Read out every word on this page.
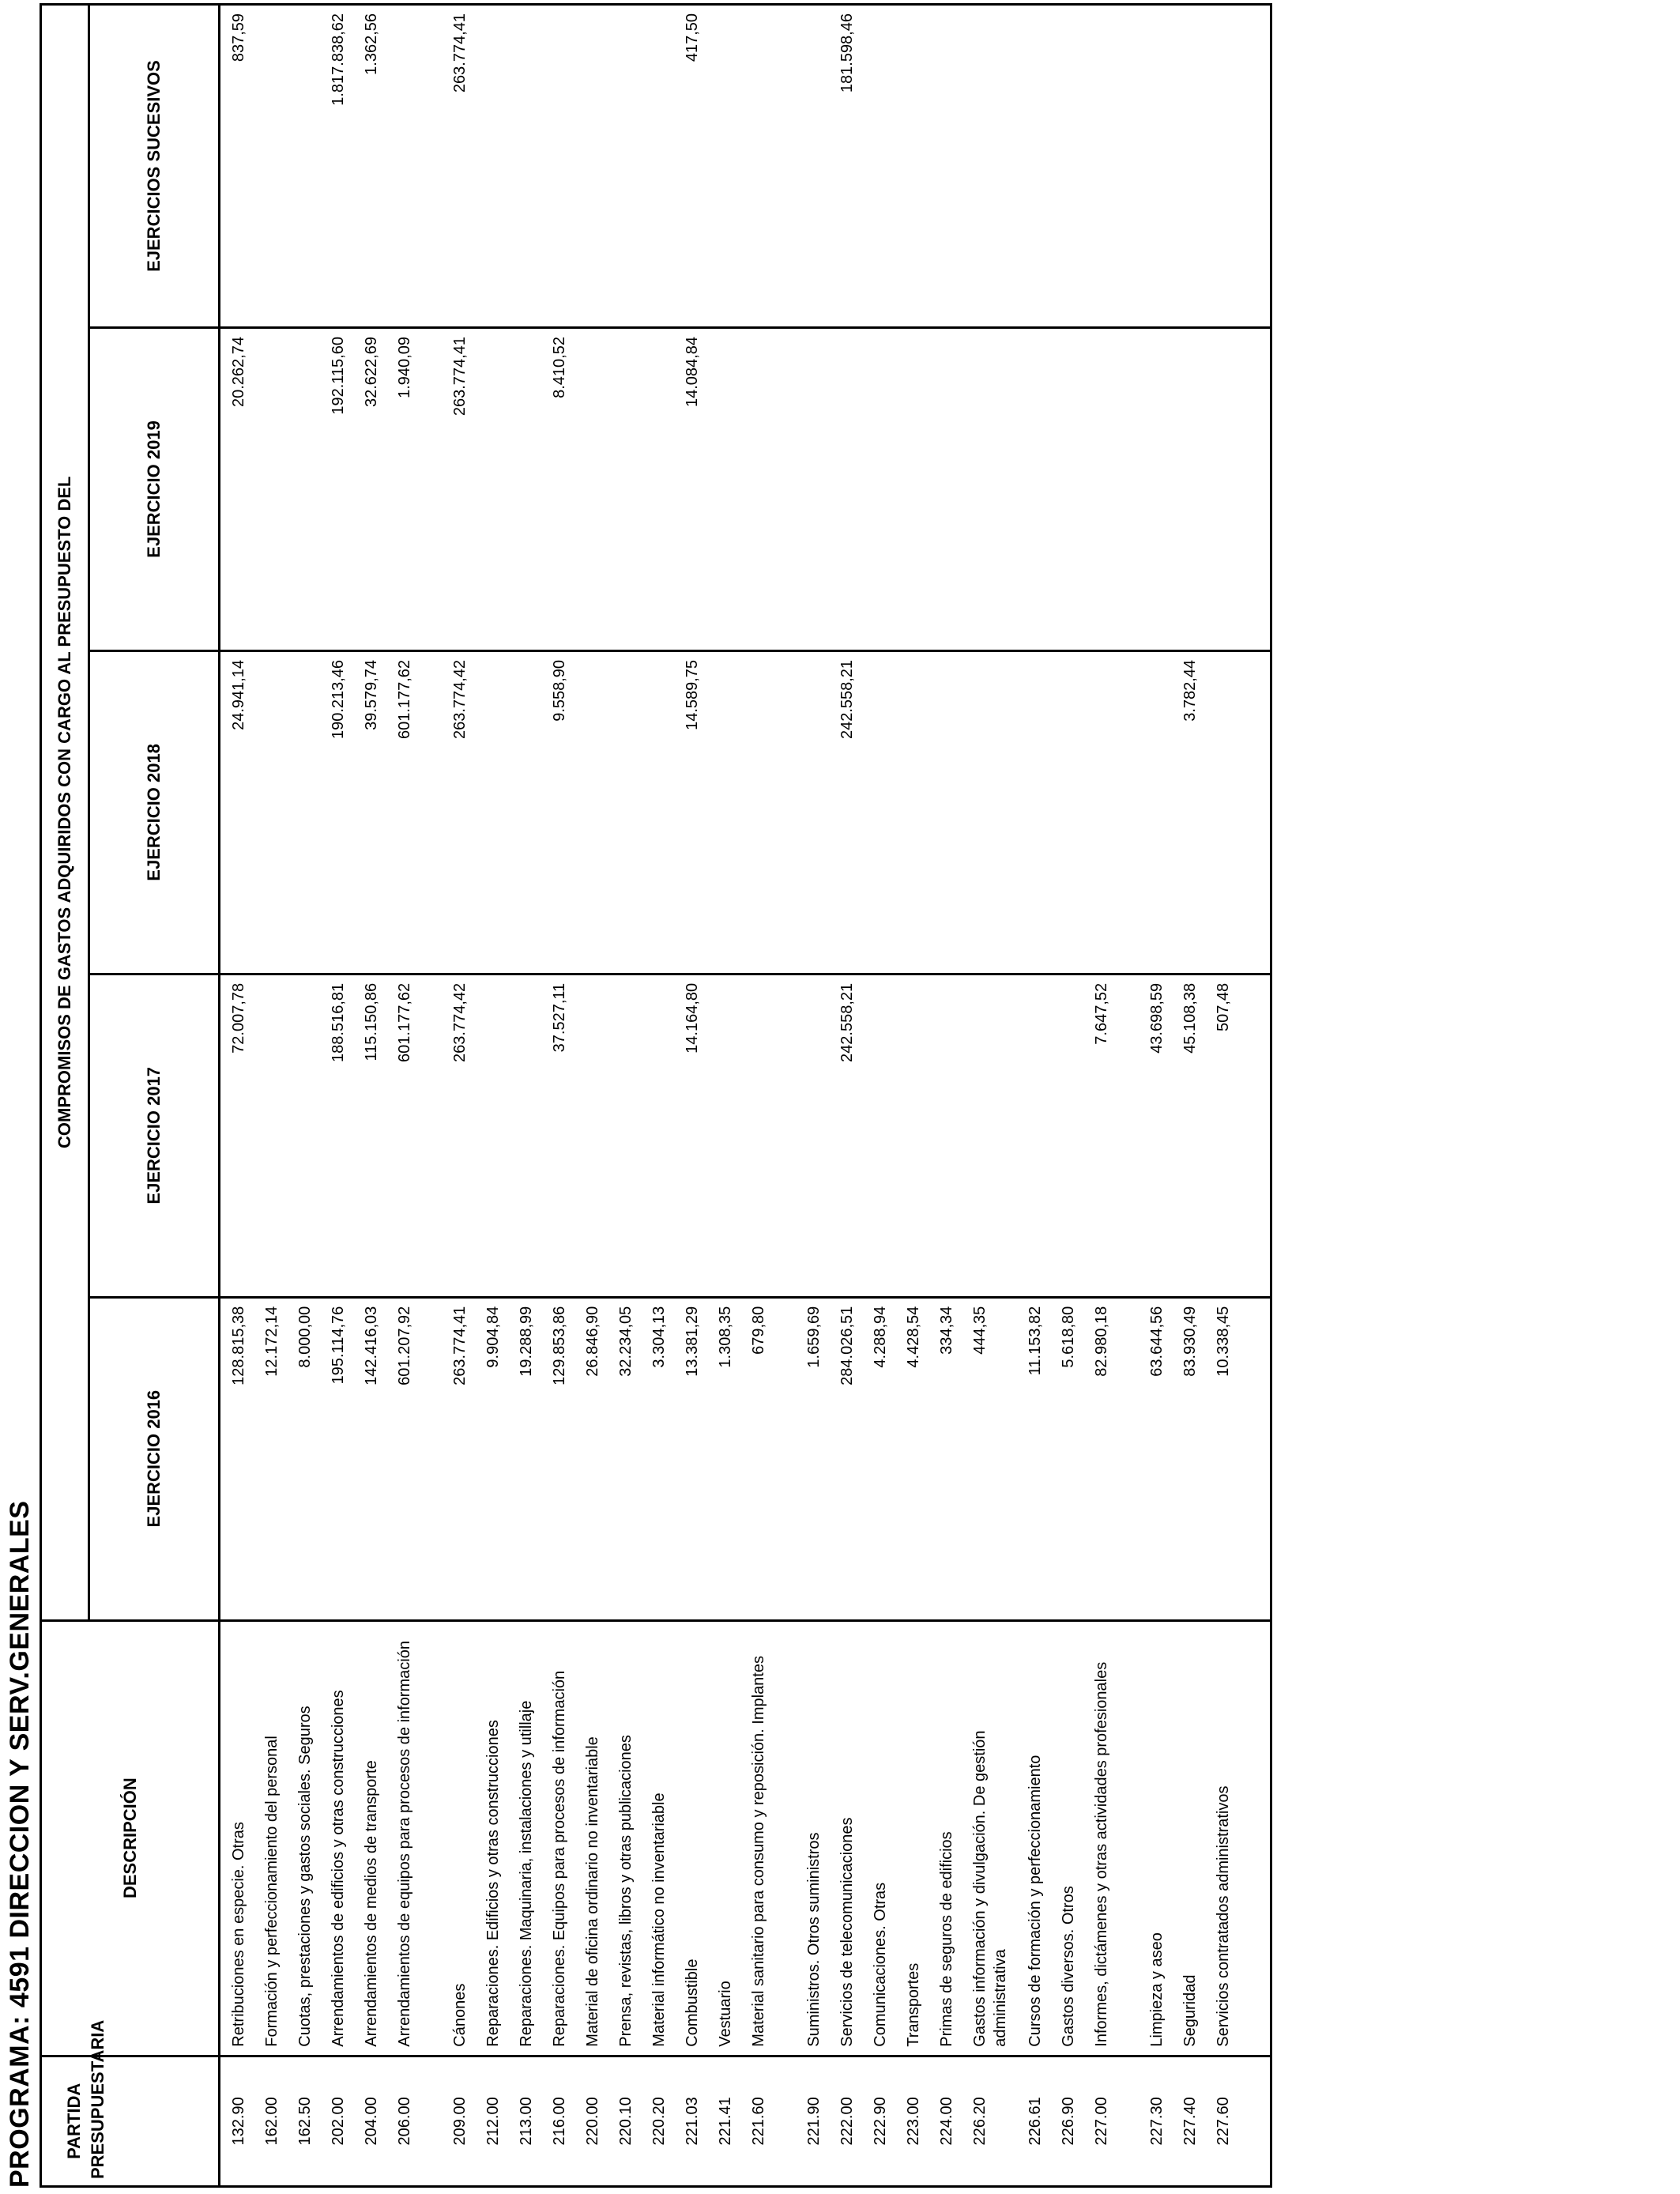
PROGRAMA: 4591 DIRECCION Y SERV.GENERALES PARTIDA PRESUPUESTARIA	DESCRIPCIÓN	COMPROMISOS DE GASTOS ADQUIRIDOS CON CARGO AL PRESUPUESTO DEL				
		EJERCICIO 2016	EJERCICIO 2017	EJERCICIO 2018	EJERCICIO 2019	EJERCICIOS SUCESIVOS
132.90	Retribuciones en especie. Otras	128.815,38	72.007,78	24.941,14	20.262,74	837,59
162.00	Formación y perfeccionamiento del personal	12.172,14				
162.50	Cuotas, prestaciones y gastos sociales. Seguros	8.000,00				
202.00	Arrendamientos de edificios y otras construcciones	195.114,76	188.516,81	190.213,46	192.115,60	1.817.838,62
204.00	Arrendamientos de medios de transporte	142.416,03	115.150,86	39.579,74	32.622,69	1.362,56
206.00	Arrendamientos de equipos para procesos de información	601.207,92	601.177,62	601.177,62	1.940,09	
209.00	Cánones	263.774,41	263.774,42	263.774,42	263.774,41	263.774,41
212.00	Reparaciones. Edificios y otras construcciones	9.904,84				
213.00	Reparaciones. Maquinaria, instalaciones y utillaje	19.288,99				
216.00	Reparaciones. Equipos para procesos de información	129.853,86	37.527,11	9.558,90	8.410,52	
220.00	Material de oficina ordinario no inventariable	26.846,90				
220.10	Prensa, revistas, libros y otras publicaciones	32.234,05				
220.20	Material informático no inventariable	3.304,13				
221.03	Combustible	13.381,29	14.164,80	14.589,75	14.084,84	417,50
221.41	Vestuario	1.308,35				
221.60	Material sanitario para consumo y reposición. Implantes	679,80				
221.90	Suministros. Otros suministros	1.659,69				
222.00	Servicios de telecomunicaciones	284.026,51	242.558,21	242.558,21		181.598,46
222.90	Comunicaciones. Otras	4.288,94				
223.00	Transportes	4.428,54				
224.00	Primas de seguros de edificios	334,34				
226.20	Gastos información y divulgación. De gestión administrativa	444,35				
226.61	Cursos de formación y perfeccionamiento	11.153,82				
226.90	Gastos diversos. Otros	5.618,80				
227.00	Informes, dictámenes y otras actividades profesionales	82.980,18	7.647,52			
227.30	Limpieza y aseo	63.644,56	43.698,59			
227.40	Seguridad	83.930,49	45.108,38	3.782,44		
227.60	Servicios contratados administrativos	10.338,45	507,48			
